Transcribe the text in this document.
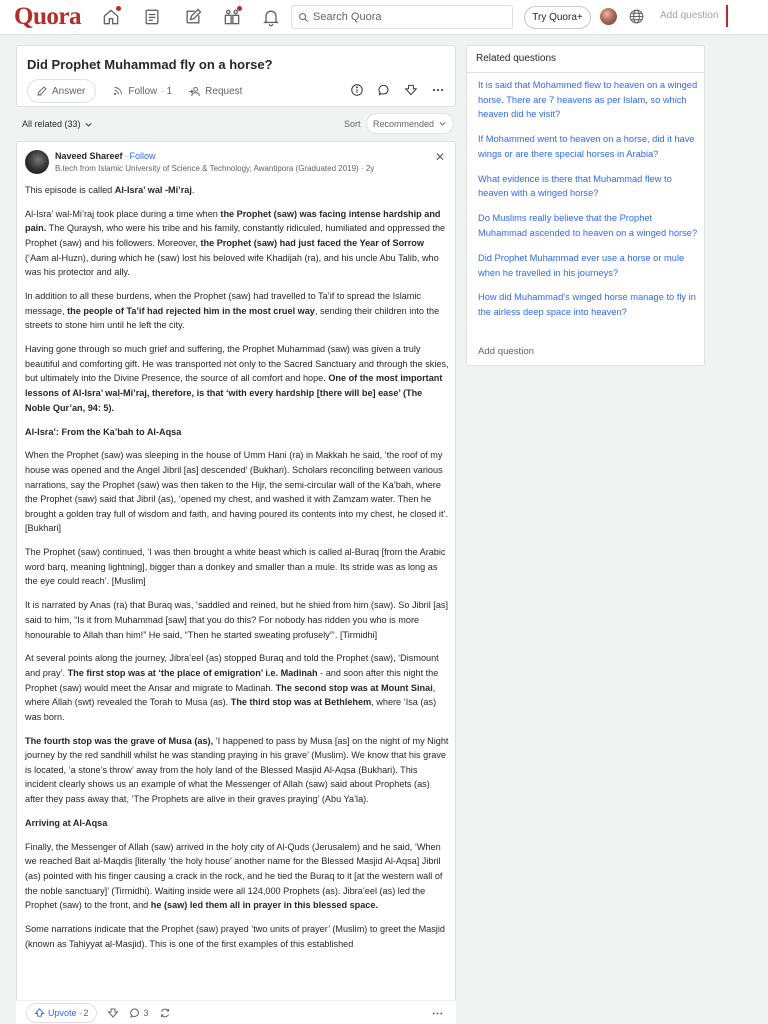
Quora	Search Quora	Try Quora+	Add question
Did Prophet Muhammad fly on a horse?
Answer	Follow · 1	Request
All related (33)	Sort Recommended
Naveed Shareef · Follow
B.tech from Islamic University of Science & Technology, Awantipora (Graduated 2019) · 2y
✕

This episode is called Al-Isra’ wal -Mi’raj.

Al-Isra’ wal-Mi’raj took place during a time when the Prophet (saw) was facing intense hardship and pain. The Quraysh, who were his tribe and his family, constantly ridiculed, humiliated and oppressed the Prophet (saw) and his followers. Moreover, the Prophet (saw) had just faced the Year of Sorrow (‘Aam al-Huzn), during which he (saw) lost his beloved wife Khadijah (ra), and his uncle Abu Talib, who was his protector and ally.

In addition to all these burdens, when the Prophet (saw) had travelled to Ta’if to spread the Islamic message, the people of Ta’if had rejected him in the most cruel way, sending their children into the streets to stone him until he left the city.

Having gone through so much grief and suffering, the Prophet Muhammad (saw) was given a truly beautiful and comforting gift. He was transported not only to the Sacred Sanctuary and through the skies, but ultimately into the Divine Presence, the source of all comfort and hope. One of the most important lessons of Al-Isra’ wal-Mi’raj, therefore, is that ‘with every hardship [there will be] ease’ (The Noble Qur’an, 94: 5).

Al-Isra’: From the Ka’bah to Al-Aqsa

When the Prophet (saw) was sleeping in the house of Umm Hani (ra) in Makkah he said, ‘the roof of my house was opened and the Angel Jibril [as] descended’ (Bukhari). Scholars reconciling between various narrations, say the Prophet (saw) was then taken to the Hijr, the semi-circular wall of the Ka’bah, where the Prophet (saw) said that Jibril (as), ‘opened my chest, and washed it with Zamzam water. Then he brought a golden tray full of wisdom and faith, and having poured its contents into my chest, he closed it’. [Bukhari]

The Prophet (saw) continued, ‘I was then brought a white beast which is called al-Buraq [from the Arabic word barq, meaning lightning], bigger than a donkey and smaller than a mule. Its stride was as long as the eye could reach’. [Muslim]

It is narrated by Anas (ra) that Buraq was, ‘saddled and reined, but he shied from him (saw). So Jibril [as] said to him, “Is it from Muhammad [saw] that you do this? For nobody has ridden you who is more honourable to Allah than him!” He said, “Then he started sweating profusely”’. [Tirmidhi]

At several points along the journey, Jibra’eel (as) stopped Buraq and told the Prophet (saw), ‘Dismount and pray’. The first stop was at ‘the place of emigration’ i.e. Madinah - and soon after this night the Prophet (saw) would meet the Ansar and migrate to Madinah. The second stop was at Mount Sinai, where Allah (swt) revealed the Torah to Musa (as). The third stop was at Bethlehem, where ‘Isa (as) was born.

The fourth stop was the grave of Musa (as), ‘I happened to pass by Musa [as] on the night of my Night journey by the red sandhill whilst he was standing praying in his grave’ (Muslim). We know that his grave is located, ‘a stone’s throw’ away from the holy land of the Blessed Masjid Al-Aqsa (Bukhari). This incident clearly shows us an example of what the Messenger of Allah (saw) said about Prophets (as) after they pass away that, ‘The Prophets are alive in their graves praying’ (Abu Ya’la).

Arriving at Al-Aqsa

Finally, the Messenger of Allah (saw) arrived in the holy city of Al-Quds (Jerusalem) and he said, ‘When we reached Bait al-Maqdis [literally ‘the holy house’ another name for the Blessed Masjid Al-Aqsa] Jibril (as) pointed with his finger causing a crack in the rock, and he tied the Buraq to it [at the western wall of the noble sanctuary]’ (Tirmidhi). Waiting inside were all 124,000 Prophets (as). Jibra’eel (as) led the Prophet (saw) to the front, and he (saw) led them all in prayer in this blessed space.

Some narrations indicate that the Prophet (saw) prayed ‘two units of prayer’ (Muslim) to greet the Masjid (known as Tahiyyat al-Masjid). This is one of the first examples of this established

Upvote · 2	3
Related questions
It is said that Mohammed flew to heaven on a winged horse. There are 7 heavens as per Islam, so which heaven did he visit?
If Mohammed went to heaven on a horse, did it have wings or are there special horses in Arabia?
What evidence is there that Muhammad flew to heaven with a winged horse?
Do Muslims really believe that the Prophet Muhammad ascended to heaven on a winged horse?
Did Prophet Muhammad ever use a horse or mule when he travelled in his journeys?
How did Muhammad’s winged horse manage to fly in the airless deep space into heaven?
Add question
